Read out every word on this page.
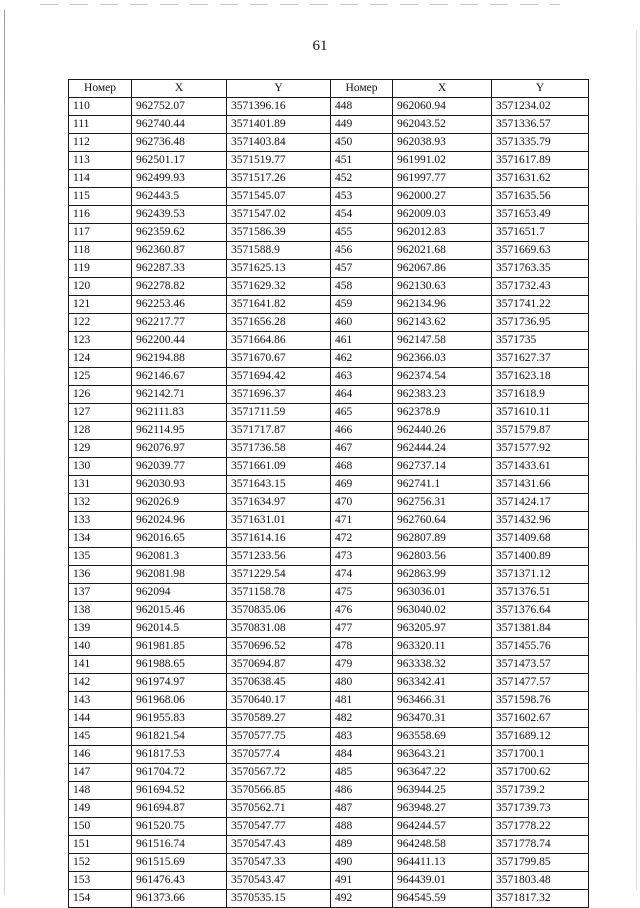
61
Номер	X	Y	Номер	X	Y
110	962752.07	3571396.16	448	962060.94	3571234.02
111	962740.44	3571401.89	449	962043.52	3571336.57
112	962736.48	3571403.84	450	962038.93	3571335.79
113	962501.17	3571519.77	451	961991.02	3571617.89
114	962499.93	3571517.26	452	961997.77	3571631.62
115	962443.5	3571545.07	453	962000.27	3571635.56
116	962439.53	3571547.02	454	962009.03	3571653.49
117	962359.62	3571586.39	455	962012.83	3571651.7
118	962360.87	3571588.9	456	962021.68	3571669.63
119	962287.33	3571625.13	457	962067.86	3571763.35
120	962278.82	3571629.32	458	962130.63	3571732.43
121	962253.46	3571641.82	459	962134.96	3571741.22
122	962217.77	3571656.28	460	962143.62	3571736.95
123	962200.44	3571664.86	461	962147.58	3571735
124	962194.88	3571670.67	462	962366.03	3571627.37
125	962146.67	3571694.42	463	962374.54	3571623.18
126	962142.71	3571696.37	464	962383.23	3571618.9
127	962111.83	3571711.59	465	962378.9	3571610.11
128	962114.95	3571717.87	466	962440.26	3571579.87
129	962076.97	3571736.58	467	962444.24	3571577.92
130	962039.77	3571661.09	468	962737.14	3571433.61
131	962030.93	3571643.15	469	962741.1	3571431.66
132	962026.9	3571634.97	470	962756.31	3571424.17
133	962024.96	3571631.01	471	962760.64	3571432.96
134	962016.65	3571614.16	472	962807.89	3571409.68
135	962081.3	3571233.56	473	962803.56	3571400.89
136	962081.98	3571229.54	474	962863.99	3571371.12
137	962094	3571158.78	475	963036.01	3571376.51
138	962015.46	3570835.06	476	963040.02	3571376.64
139	962014.5	3570831.08	477	963205.97	3571381.84
140	961981.85	3570696.52	478	963320.11	3571455.76
141	961988.65	3570694.87	479	963338.32	3571473.57
142	961974.97	3570638.45	480	963342.41	3571477.57
143	961968.06	3570640.17	481	963466.31	3571598.76
144	961955.83	3570589.27	482	963470.31	3571602.67
145	961821.54	3570577.75	483	963558.69	3571689.12
146	961817.53	3570577.4	484	963643.21	3571700.1
147	961704.72	3570567.72	485	963647.22	3571700.62
148	961694.52	3570566.85	486	963944.25	3571739.2
149	961694.87	3570562.71	487	963948.27	3571739.73
150	961520.75	3570547.77	488	964244.57	3571778.22
151	961516.74	3570547.43	489	964248.58	3571778.74
152	961515.69	3570547.33	490	964411.13	3571799.85
153	961476.43	3570543.47	491	964439.01	3571803.48
154	961373.66	3570535.15	492	964545.59	3571817.32
